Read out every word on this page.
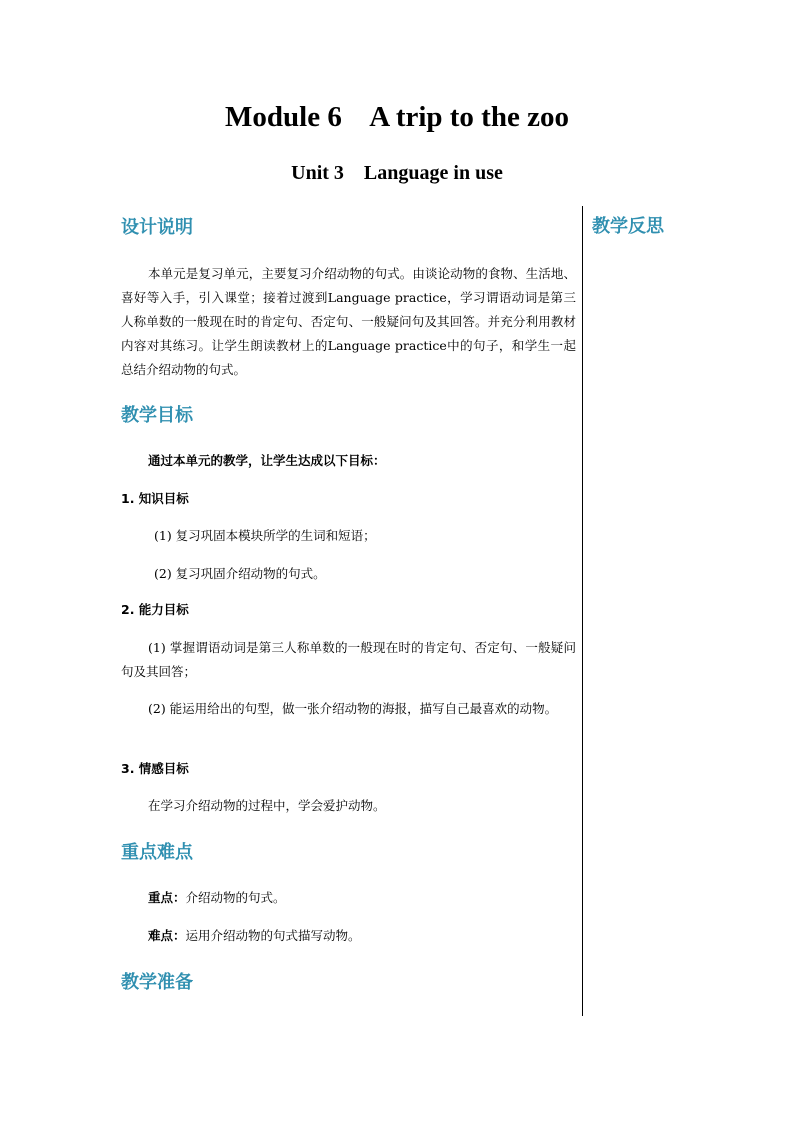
Module 6    A trip to the zoo
Unit 3    Language in use
教学反思
设计说明

本单元是复习单元，主要复习介绍动物的句式。由谈论动物的食物、生活地、喜好等入手，引入课堂；接着过渡到Language practice，学习谓语动词是第三人称单数的一般现在时的肯定句、否定句、一般疑问句及其回答。并充分利用教材内容对其练习。让学生朗读教材上的Language practice中的句子，和学生一起总结介绍动物的句式。

教学目标

通过本单元的教学，让学生达成以下目标：

1. 知识目标

(1) 复习巩固本模块所学的生词和短语；

(2) 复习巩固介绍动物的句式。

2. 能力目标

(1) 掌握谓语动词是第三人称单数的一般现在时的肯定句、否定句、一般疑问句及其回答；

(2) 能运用给出的句型，做一张介绍动物的海报，描写自己最喜欢的动物。

3. 情感目标

在学习介绍动物的过程中，学会爱护动物。

重点难点

重点：介绍动物的句式。

难点：运用介绍动物的句式描写动物。

教学准备
